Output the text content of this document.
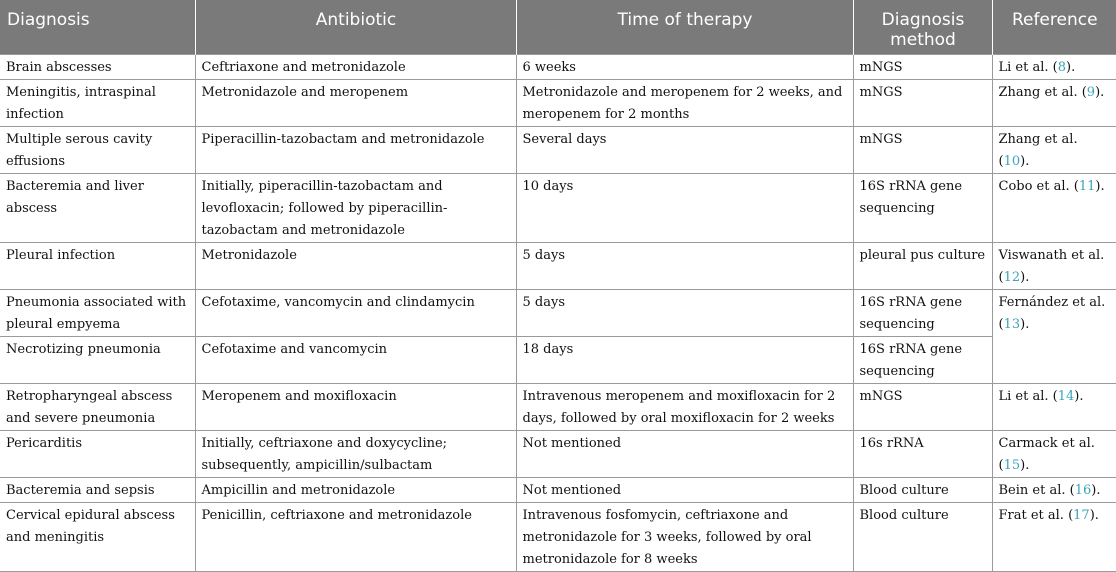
Diagnosis	Antibiotic	Time of therapy	Diagnosis method	Reference
Brain abscesses	Ceftriaxone and metronidazole	6 weeks	mNGS	Li et al. (8).
Meningitis, intraspinal infection	Metronidazole and meropenem	Metronidazole and meropenem for 2 weeks, and meropenem for 2 months	mNGS	Zhang et al. (9).
Multiple serous cavity effusions	Piperacillin-tazobactam and metronidazole	Several days	mNGS	Zhang et al. (10).
Bacteremia and liver abscess	Initially, piperacillin-tazobactam and levofloxacin; followed by piperacillin-tazobactam and metronidazole	10 days	16S rRNA gene sequencing	Cobo et al. (11).
Pleural infection	Metronidazole	5 days	pleural pus culture	Viswanath et al. (12).
Pneumonia associated with pleural empyema	Cefotaxime, vancomycin and clindamycin	5 days	16S rRNA gene sequencing	Fernández et al. (13).
Necrotizing pneumonia	Cefotaxime and vancomycin	18 days	16S rRNA gene sequencing	
Retropharyngeal abscess and severe pneumonia	Meropenem and moxifloxacin	Intravenous meropenem and moxifloxacin for 2 days, followed by oral moxifloxacin for 2 weeks	mNGS	Li et al. (14).
Pericarditis	Initially, ceftriaxone and doxycycline; subsequently, ampicillin/sulbactam	Not mentioned	16s rRNA	Carmack et al. (15).
Bacteremia and sepsis	Ampicillin and metronidazole	Not mentioned	Blood culture	Bein et al. (16).
Cervical epidural abscess and meningitis	Penicillin, ceftriaxone and metronidazole	Intravenous fosfomycin, ceftriaxone and metronidazole for 3 weeks, followed by oral metronidazole for 8 weeks	Blood culture	Frat et al. (17).
